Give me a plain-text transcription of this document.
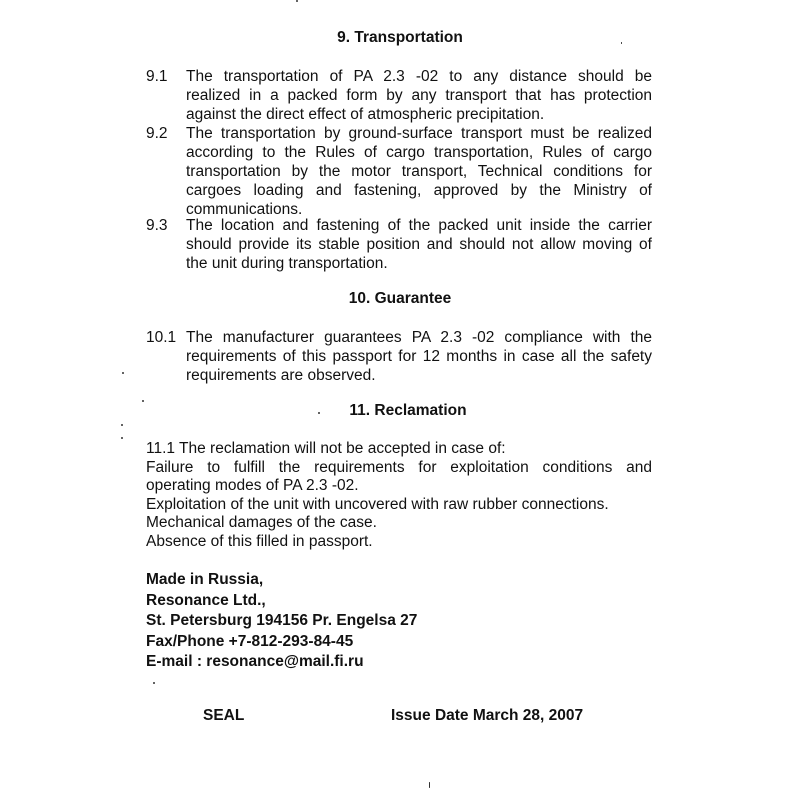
9. Transportation
9.1 The transportation of PA 2.3 -02 to any distance should be
realized in a packed form by any transport that has protection
against the direct effect of atmospheric precipitation.
9.2 The transportation by ground-surface transport must be realized
according to the Rules of cargo transportation, Rules of cargo
transportation by the motor transport, Technical conditions for
cargoes loading and fastening, approved by the Ministry of
communications.
9.3 The location and fastening of the packed unit inside the carrier
should provide its stable position and should not allow moving of
the unit during transportation.
10. Guarantee
10.1 The manufacturer guarantees PA 2.3 -02 compliance with the
requirements of this passport for 12 months in case all the safety
requirements are observed.
11. Reclamation
11.1 The reclamation will not be accepted in case of:
Failure to fulfill the requirements for exploitation conditions and
operating modes of PA 2.3 -02.
Exploitation of the unit with uncovered with raw rubber connections.
Mechanical damages of the case.
Absence of this filled in passport.
Made in Russia,
Resonance Ltd.,
St. Petersburg 194156 Pr. Engelsa 27
Fax/Phone +7-812-293-84-45
E-mail : resonance@mail.fi.ru
SEAL	Issue Date March 28, 2007
